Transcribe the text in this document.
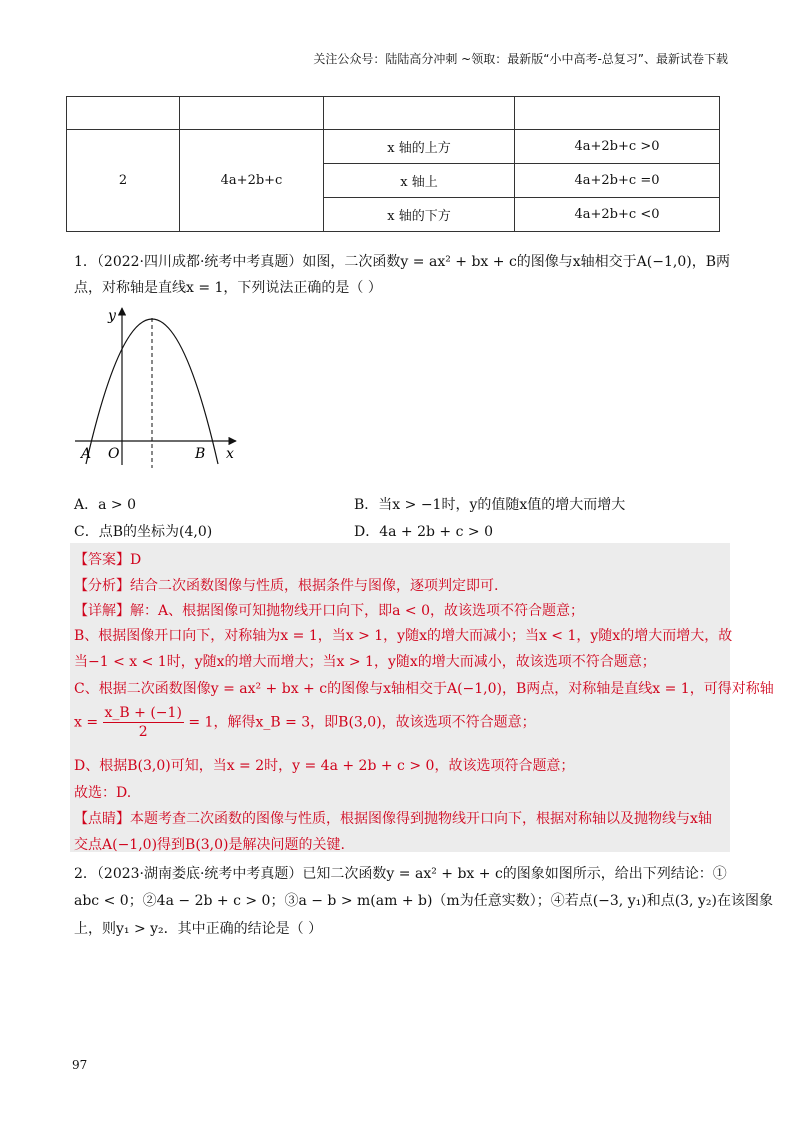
关注公众号：陆陆高分冲刺 ~领取：最新版“小中高考-总复习”、最新试卷下载

2	4a+2b+c	x 轴的上方	4a+2b+c >0
		x 轴上	4a+2b+c =0
		x 轴的下方	4a+2b+c <0
1．（2022·四川成都·统考中考真题）如图，二次函数y = ax² + bx + c的图像与x轴相交于A(−1,0)，B两
点，对称轴是直线x = 1，下列说法正确的是（ ）
y
x
A O	B
A．a > 0	B．当x > −1时，y的值随x值的增大而增大
C．点B的坐标为(4,0)	D．4a + 2b + c > 0
【答案】D
【分析】结合二次函数图像与性质，根据条件与图像，逐项判定即可.
【详解】解：A、根据图像可知抛物线开口向下，即a < 0，故该选项不符合题意；
B、根据图像开口向下，对称轴为x = 1，当x > 1，y随x的增大而减小；当x < 1，y随x的增大而增大，故
当−1 < x < 1时，y随x的增大而增大；当x > 1，y随x的增大而减小，故该选项不符合题意；
C、根据二次函数图像y = ax² + bx + c的图像与x轴相交于A(−1,0)，B两点，对称轴是直线x = 1，可得对称轴
$x = \frac{x\_B + (-1)}{2} = 1$，解得x_B = 3，即B(3,0)，故该选项不符合题意；
D、根据B(3,0)可知，当x = 2时，y = 4a + 2b + c > 0，故该选项符合题意；
故选：D.
【点睛】本题考查二次函数的图像与性质，根据图像得到抛物线开口向下，根据对称轴以及抛物线与x轴
交点A(−1,0)得到B(3,0)是解决问题的关键.
2．（2023·湖南娄底·统考中考真题）已知二次函数y = ax² + bx + c的图象如图所示，给出下列结论：①
abc < 0；②4a − 2b + c > 0；③a − b > m(am + b)（m为任意实数）；④若点(−3, y₁)和点(3, y₂)在该图象
上，则y₁ > y₂．其中正确的结论是（ ）
97
